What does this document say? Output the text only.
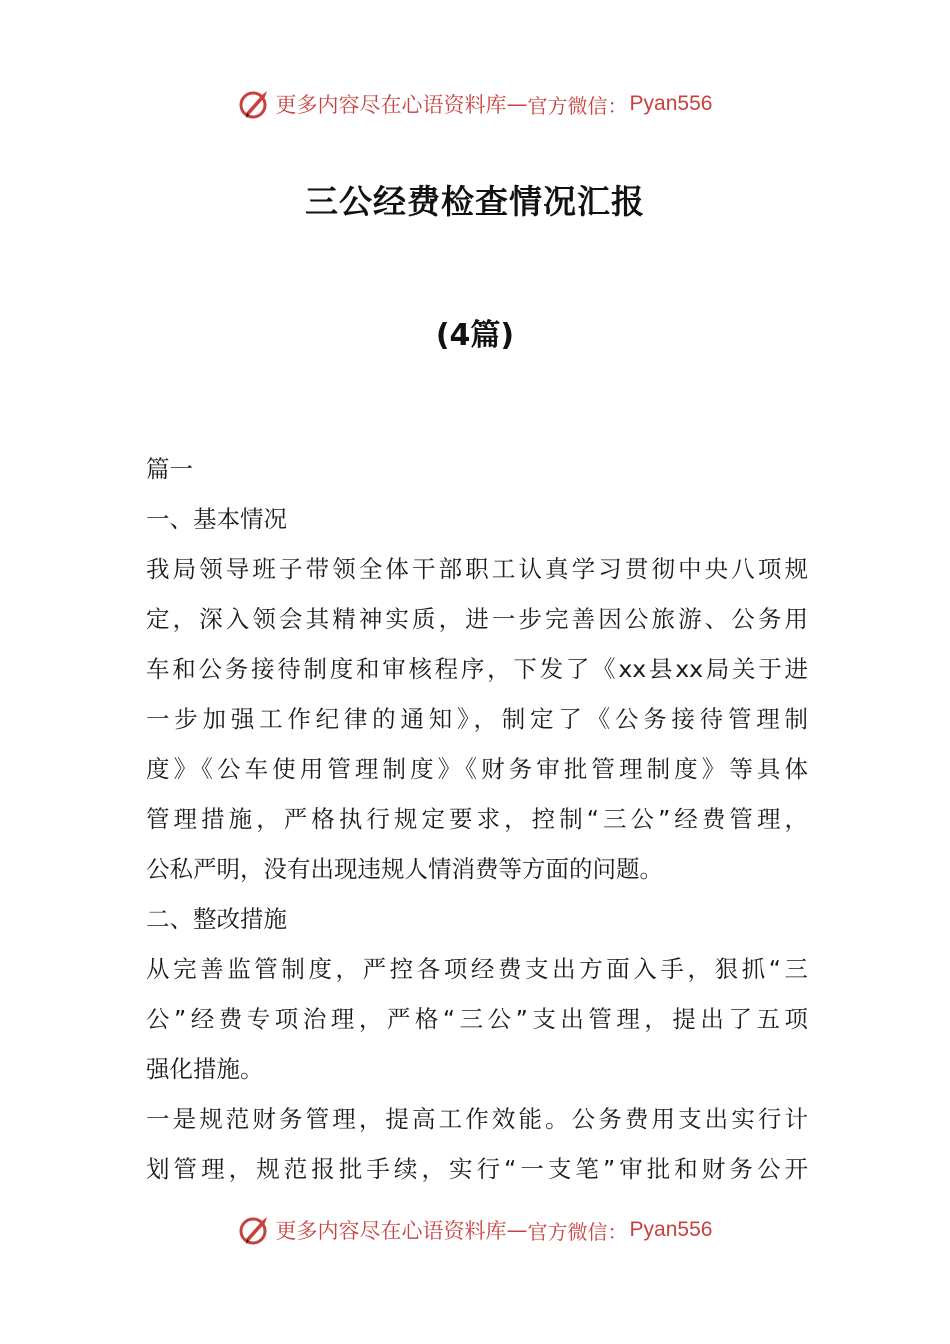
更多内容尽在心语资料库 — 官方微信： Pyan556
三公经费检查情况汇报
(4篇)
篇一
一、基本情况
我局领导班子带领全体干部职工认真学习贯彻中央八项规
定，深入领会其精神实质，进一步完善因公旅游、公务用
车和公务接待制度和审核程序，下发了《xx县xx局关于进
一步加强工作纪律的通知》，制定了《公务接待管理制
度》《公车使用管理制度》《财务审批管理制度》等具体
管理措施，严格执行规定要求，控制“三公”经费管理，
公私严明，没有出现违规人情消费等方面的问题。
二、整改措施
从完善监管制度，严控各项经费支出方面入手，狠抓“三
公”经费专项治理，严格“三公”支出管理，提出了五项
强化措施。
一是规范财务管理，提高工作效能。公务费用支出实行计
划管理，规范报批手续，实行“一支笔”审批和财务公开
更多内容尽在心语资料库 — 官方微信： Pyan556
